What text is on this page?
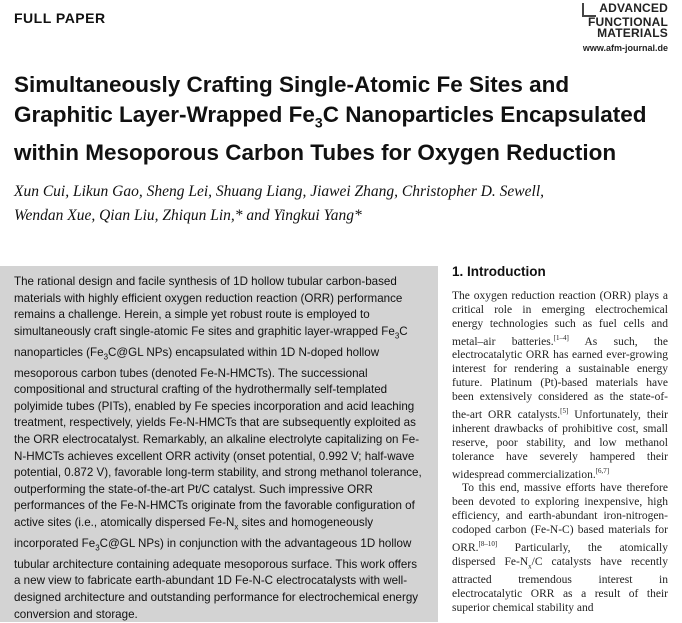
FULL PAPER
ADVANCED
FUNCTIONAL
MATERIALS
www.afm-journal.de
Simultaneously Crafting Single-Atomic Fe Sites and
Graphitic Layer-Wrapped $Fe_3C$ Nanoparticles Encapsulated
within Mesoporous Carbon Tubes for Oxygen Reduction
Xun Cui, Likun Gao, Sheng Lei, Shuang Liang, Jiawei Zhang, Christopher D. Sewell,
Wendan Xue, Qian Liu, Zhiqun Lin,* and Yingkui Yang*

The rational design and facile synthesis of 1D hollow tubular carbon-based materials with highly efficient oxygen reduction reaction (ORR) performance remains a challenge. Herein, a simple yet robust route is employed to simultaneously craft single-atomic Fe sites and graphitic layer-wrapped $Fe_3C$ nanoparticles ($Fe_3C@GL$ NPs) encapsulated within 1D N-doped hollow mesoporous carbon tubes (denoted Fe-N-HMCTs). The successional compositional and structural crafting of the hydrothermally self-templated polyimide tubes (PITs), enabled by Fe species incorporation and acid leaching treatment, respectively, yields Fe-N-HMCTs that are subsequently exploited as the ORR electrocatalyst. Remarkably, an alkaline electrolyte capitalizing on Fe-N-HMCTs achieves excellent ORR activity (onset potential, 0.992 V; half-wave potential, 0.872 V), favorable long-term stability, and strong methanol tolerance, outperforming the state-of-the-art Pt/C catalyst. Such impressive ORR performances of the Fe-N-HMCTs originate from the favorable configuration of active sites (i.e., atomically dispersed $Fe-N_x$ sites and homogeneously incorporated $Fe_3C@GL$ NPs) in conjunction with the advantageous 1D hollow tubular architecture containing adequate mesoporous surface. This work offers a new view to fabricate earth-abundant 1D Fe-N-C electrocatalysts with well-designed architecture and outstanding performance for electrochemical energy conversion and storage.

1. Introduction

The oxygen reduction reaction (ORR) plays a critical role in emerging electrochemical energy technologies such as fuel cells and metal–air batteries.[1–4] As such, the electrocatalytic ORR has earned ever-growing interest for rendering a sustainable energy future. Platinum (Pt)-based materials have been extensively considered as the state-of-the-art ORR catalysts.[5] Unfortunately, their inherent drawbacks of prohibitive cost, small reserve, poor stability, and low methanol tolerance have severely hampered their widespread commercialization.[6,7]

To this end, massive efforts have therefore been devoted to exploring inexpensive, high efficiency, and earth-abundant iron-nitrogen-codoped carbon (Fe-N-C) based materials for ORR.[8–10] Particularly, the atomically dispersed $Fe-N_x/C$ catalysts have recently attracted tremendous interest in electrocatalytic ORR as a result of their superior chemical stability and
